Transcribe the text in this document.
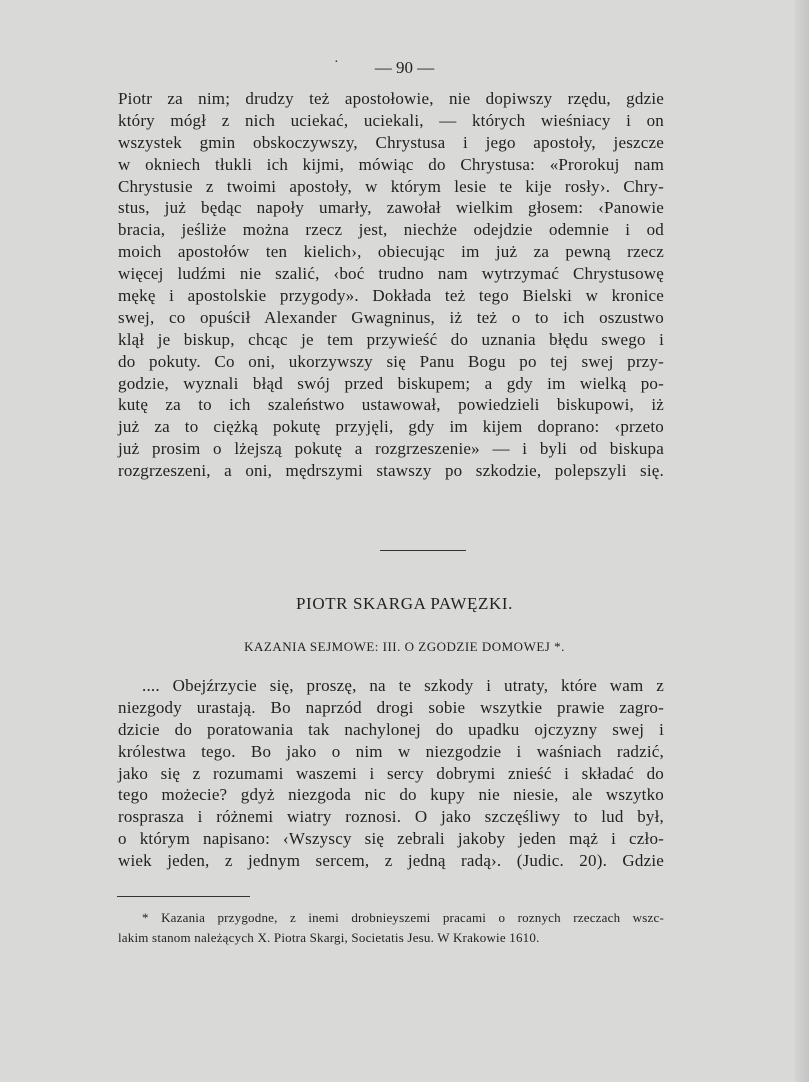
·	— 90 —
Piotr za nim; drudzy też apostołowie, nie dopiwszy rzędu, gdzie
który mógł z nich uciekać, uciekali, — których wieśniacy i on
wszystek gmin obskoczywszy, Chrystusa i jego apostoły, jeszcze
w okniech tłukli ich kijmi, mówiąc do Chrystusa: «Prorokuj nam
Chrystusie z twoimi apostoły, w którym lesie te kije rosły›. Chry-
stus, już będąc napoły umarły, zawołał wielkim głosem: ‹Panowie
bracia, jeśliże można rzecz jest, niechże odejdzie odemnie i od
moich apostołów ten kielich›, obiecując im już za pewną rzecz
więcej ludźmi nie szalić, ‹boć trudno nam wytrzymać Chrystusowę
mękę i apostolskie przygody». Dokłada też tego Bielski w kronice
swej, co opuścił Alexander Gwagninus, iż też o to ich oszustwo
klął je biskup, chcąc je tem przywieść do uznania błędu swego i
do pokuty. Co oni, ukorzywszy się Panu Bogu po tej swej przy-
godzie, wyznali błąd swój przed biskupem; a gdy im wielką po-
kutę za to ich szaleństwo ustawował, powiedzieli biskupowi, iż
już za to ciężką pokutę przyjęli, gdy im kijem doprano: ‹przeto
już prosim o lżejszą pokutę a rozgrzeszenie» — i byli od biskupa
rozgrzeszeni, a oni, mędrszymi stawszy po szkodzie, polepszyli się.
PIOTR SKARGA PAWĘZKI.
KAZANIA SEJMOWE: III. O ZGODZIE DOMOWEJ *.
.... Obejźrzycie się, proszę, na te szkody i utraty, które wam z
niezgody urastają. Bo naprzód drogi sobie wszytkie prawie zagro-
dzicie do poratowania tak nachylonej do upadku ojczyzny swej i
królestwa tego. Bo jako o nim w niezgodzie i waśniach radzić,
jako się z rozumami waszemi i sercy dobrymi znieść i składać do
tego możecie? gdyż niezgoda nic do kupy nie niesie, ale wszytko
rosprasza i różnemi wiatry roznosi. O jako szczęśliwy to lud był,
o którym napisano: ‹Wszyscy się zebrali jakoby jeden mąż i czło-
wiek jeden, z jednym sercem, z jedną radą›. (Judic. 20). Gdzie
* Kazania przygodne, z inemi drobnieyszemi pracami o roznych rzeczach wszc-
lakim stanom należących X. Piotra Skargi, Societatis Jesu. W Krakowie 1610.
